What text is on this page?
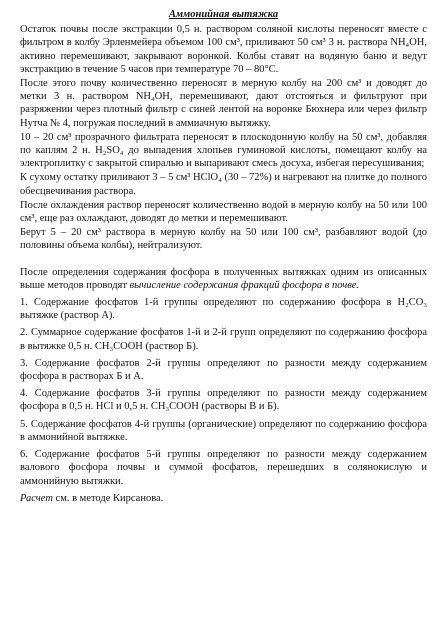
Аммонийная вытяжка

Остаток почвы после экстракции 0,5 н. раствором соляной кислоты переносят вместе с фильтром в колбу Эрленмейера объемом 100 см³, приливают 50 см³ 3 н. раствора NH₄OH, активно перемешивают, закрывают воронкой. Колбы ставят на водяную баню и ведут экстракцию в течение 5 часов при температуре 70 – 80°С.

После этого почву количественно переносят в мерную колбу на 200 см³ и доводят до метки 3 н. раствором NH₄OH, перемешивают, дают отстояться и фильтруют при разряжении через плотный фильтр с синей лентой на воронке Бюхнера или через фильтр Нутча № 4, погружая последний в аммиачную вытяжку.

10 – 20 см³ прозрачного фильтрата переносят в плоскодонную колбу на 50 см³, добавляя по каплям 2 н. H₂SO₄ до выпадения хлопьев гуминовой кислоты, помещают колбу на электроплитку с закрытой спиралью и выпаривают смесь досуха, избегая пересушивания;

К сухому остатку приливают 3 – 5 см³ HClO₄ (30 – 72%) и нагревают на плитке до полного обесцвечивания раствора.

После охлаждения раствор переносят количественно водой в мерную колбу на 50 или 100 см³, еще раз охлаждают, доводят до метки и перемешивают.

Берут 5 – 20 см³ раствора в мерную колбу на 50 или 100 см³, разбавляют водой (до половины объема колбы), нейтрализуют.

После определения содержания фосфора в полученных вытяжках одним из описанных выше методов проводят вычисление содержания фракций фосфора в почве.

1. Содержание фосфатов 1-й группы определяют по содержанию фосфора в H₂CO₃ вытяжке (раствор А).

2. Суммарное содержание фосфатов 1-й и 2-й групп определяют по содержанию фосфора в вытяжке 0,5 н. CH₃COOH (раствор Б).

3. Содержание фосфатов 2-й группы определяют по разности между содержанием фосфора в растворах Б и А.

4. Содержание фосфатов 3-й группы определяют по разности между содержанием фосфора в 0,5 н. HCl и 0,5 н. CH₃COOH (растворы В и Б).

5. Содержание фосфатов 4-й группы (органические) определяют по содержанию фосфора в аммонийной вытяжке.

6. Содержание фосфатов 5-й группы определяют по разности между содержанием валового фосфора почвы и суммой фосфатов, перешедших в солянокислую и аммонийную вытяжки.

Расчет см. в методе Кирсанова.
